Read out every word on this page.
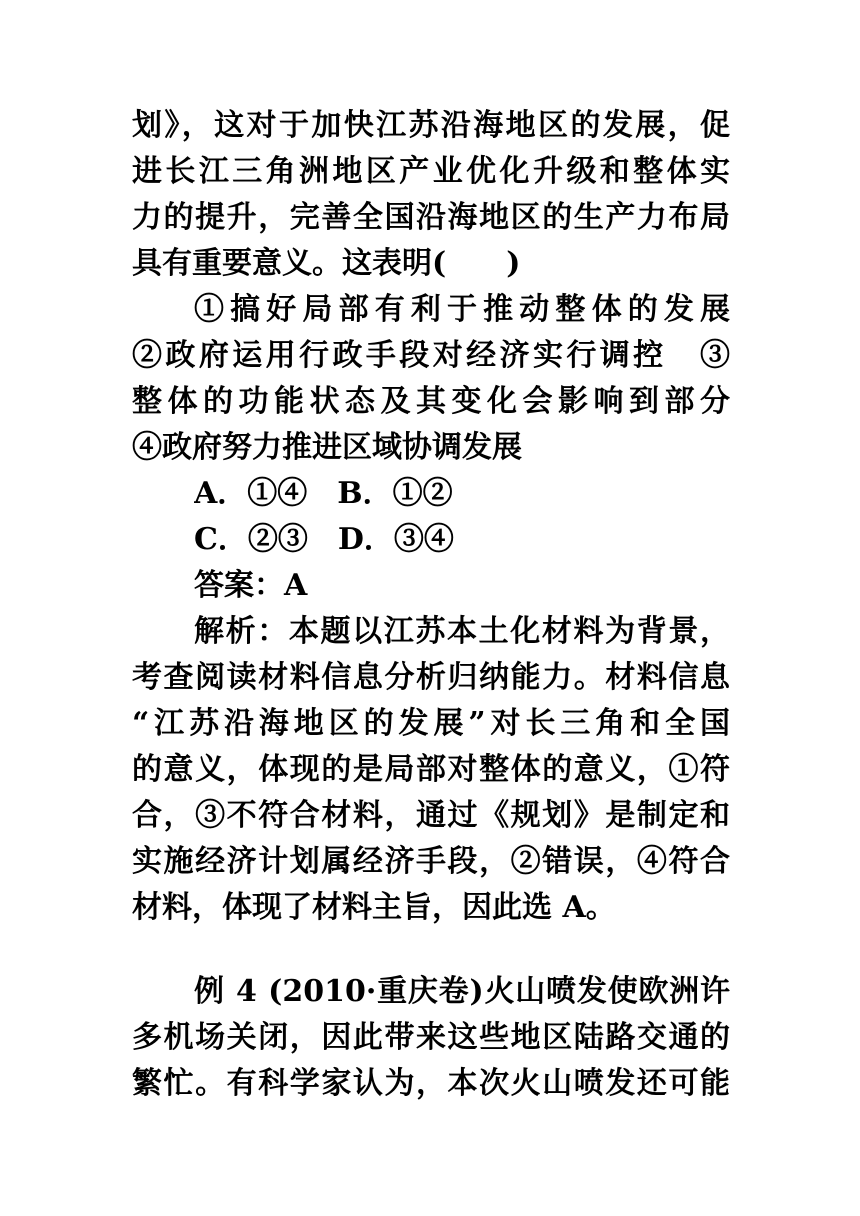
划》，这对于加快江苏沿海地区的发展，促
进长江三角洲地区产业优化升级和整体实
力的提升，完善全国沿海地区的生产力布局
具有重要意义。这表明(　　)
①搞好局部有利于推动整体的发展
②政府运用行政手段对经济实行调控　③
整体的功能状态及其变化会影响到部分
④政府努力推进区域协调发展
A．①④　B．①②
C．②③　D．③④
答案：A
解析：本题以江苏本土化材料为背景，
考查阅读材料信息分析归纳能力。材料信息
“江苏沿海地区的发展”对长三角和全国
的意义，体现的是局部对整体的意义，①符
合，③不符合材料，通过《规划》是制定和
实施经济计划属经济手段，②错误，④符合
材料，体现了材料主旨，因此选 A。
例 4 (2010·重庆卷)火山喷发使欧洲许
多机场关闭，因此带来这些地区陆路交通的
繁忙。有科学家认为，本次火山喷发还可能
